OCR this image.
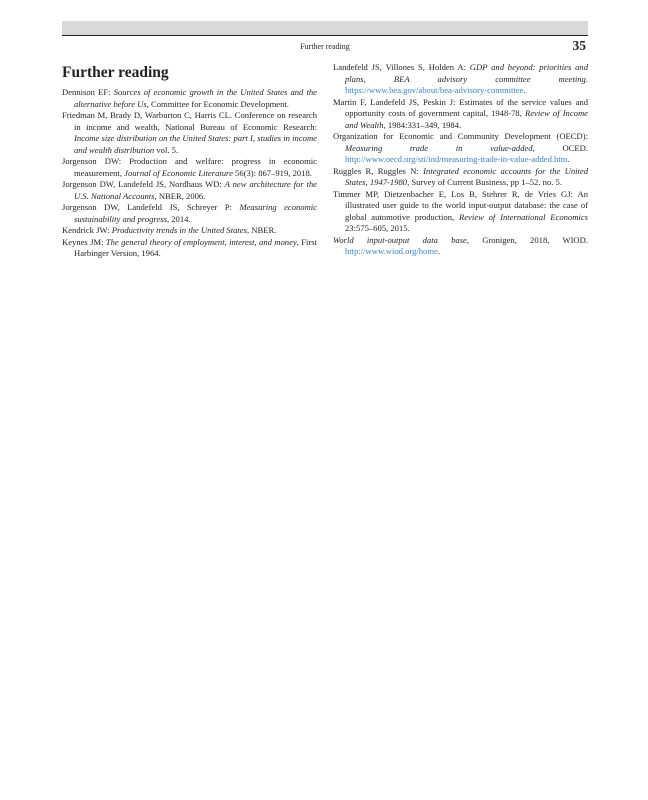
Further reading	35
Further reading

Dennison EF: Sources of economic growth in the United States and the alternative before Us, Committee for Economic Development.

Friedman M, Brady D, Warburton C, Harris CL. Conference on research in income and wealth, National Bureau of Economic Research: Income size distribution on the United States: part I, studies in income and wealth distribution vol. 5.

Jorgenson DW: Production and welfare: progress in economic measurement, Journal of Economic Literature 56(3): 867–919, 2018.

Jorgenson DW, Landefeld JS, Nordhaus WD: A new architecture for the U.S. National Accounts, NBER, 2006.

Jorgenson DW, Landefeld JS, Schreyer P: Measuring economic sustainability and progress, 2014.

Kendrick JW: Productivity trends in the United States, NBER.

Keynes JM: The general theory of employment, interest, and money, First Harbinger Version, 1964.

Landefeld JS, Villones S, Holden A: GDP and beyond: priorities and plans, BEA advisory committee meeting. https://www.bea.gov/about/bea-advisory-committee.

Martin F, Landefeld JS, Peskin J: Estimates of the service values and opportunity costs of government capital, 1948-78, Review of Income and Wealth, 1984:331–349, 1984.

Organization for Economic and Community Development (OECD): Measuring trade in value-added, OCED. http://www.oecd.org/sti/ind/measuring-trade-in-value-added.htm.

Ruggles R, Ruggles N: Integrated economic accounts for the United States, 1947-1980, Survey of Current Business, pp 1–52. no. 5.

Timmer MP, Dietzenbacher E, Los B, Stehrer R, de Vries GJ: An illustrated user guide to the world input-output database: the case of global automotive production, Review of International Economics 23:575–605, 2015.

World input-output data base, Gronigen, 2018, WIOD. http://www.wiod.org/home.
